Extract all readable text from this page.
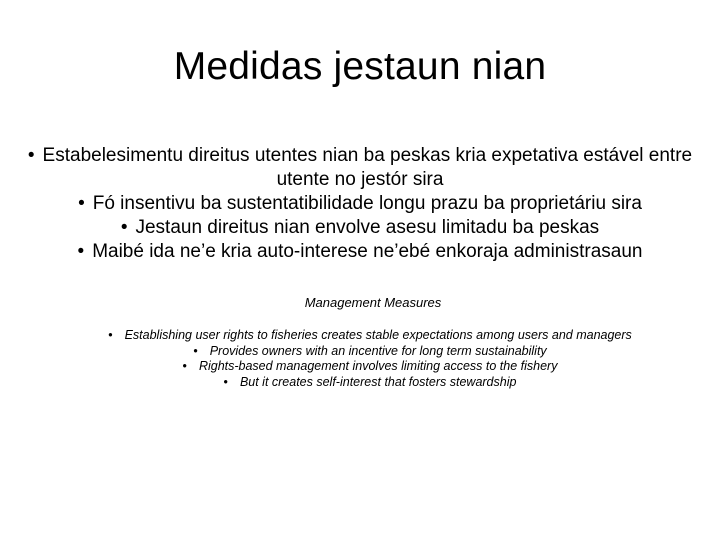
Medidas jestaun nian
• Estabelesimentu direitus utentes nian ba peskas kria expetativa estável entre utente no jestór sira
• Fó insentivu ba sustentatibilidade longu prazu ba proprietáriu sira
• Jestaun direitus nian envolve asesu limitadu ba peskas
• Maibé ida ne’e kria auto-interese ne’ebé enkoraja administrasaun
Management Measures
• Establishing user rights to fisheries creates stable expectations among users and managers
• Provides owners with an incentive for long term sustainability
• Rights-based management involves limiting access to the fishery
• But it creates self-interest that fosters stewardship
